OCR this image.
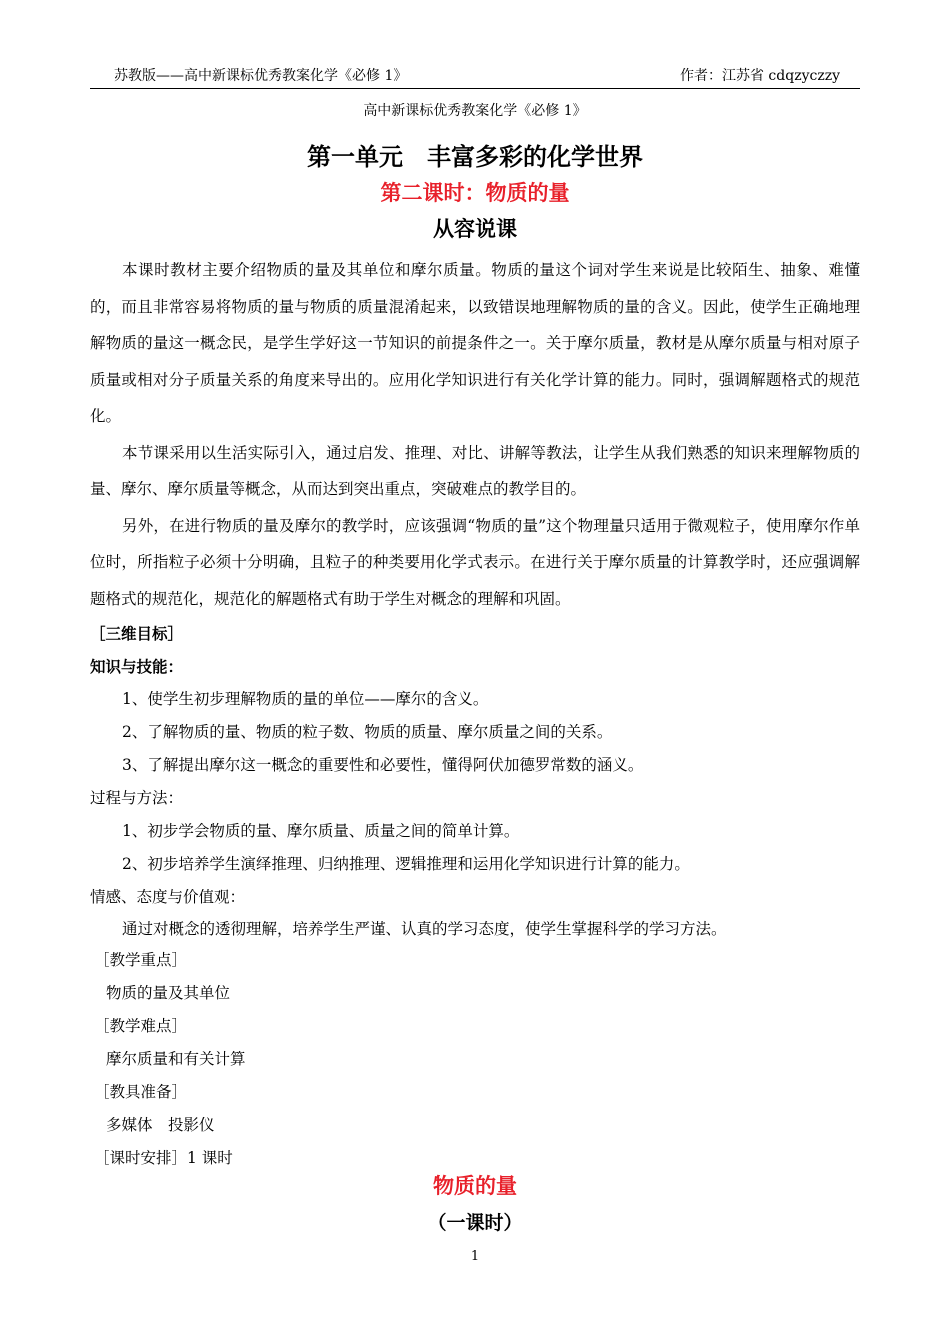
苏教版——高中新课标优秀教案化学《必修 1》	作者：江苏省 cdqzyczzy
高中新课标优秀教案化学《必修 1》
第一单元　丰富多彩的化学世界
第二课时：物质的量
从容说课

本课时教材主要介绍物质的量及其单位和摩尔质量。物质的量这个词对学生来说是比较陌生、抽象、难懂的，而且非常容易将物质的量与物质的质量混淆起来，以致错误地理解物质的量的含义。因此，使学生正确地理解物质的量这一概念民，是学生学好这一节知识的前提条件之一。关于摩尔质量，教材是从摩尔质量与相对原子质量或相对分子质量关系的角度来导出的。应用化学知识进行有关化学计算的能力。同时，强调解题格式的规范化。

本节课采用以生活实际引入，通过启发、推理、对比、讲解等教法，让学生从我们熟悉的知识来理解物质的量、摩尔、摩尔质量等概念，从而达到突出重点，突破难点的教学目的。

另外，在进行物质的量及摩尔的教学时，应该强调“物质的量”这个物理量只适用于微观粒子，使用摩尔作单位时，所指粒子必须十分明确，且粒子的种类要用化学式表示。在进行关于摩尔质量的计算教学时，还应强调解题格式的规范化，规范化的解题格式有助于学生对概念的理解和巩固。

［三维目标］

知识与技能：

1、使学生初步理解物质的量的单位——摩尔的含义。

2、了解物质的量、物质的粒子数、物质的质量、摩尔质量之间的关系。

3、了解提出摩尔这一概念的重要性和必要性，懂得阿伏加德罗常数的涵义。

过程与方法：

1、初步学会物质的量、摩尔质量、质量之间的简单计算。

2、初步培养学生演绎推理、归纳推理、逻辑推理和运用化学知识进行计算的能力。

情感、态度与价值观：

通过对概念的透彻理解，培养学生严谨、认真的学习态度，使学生掌握科学的学习方法。

［教学重点］

物质的量及其单位

［教学难点］

摩尔质量和有关计算

［教具准备］

多媒体　投影仪

［课时安排］1 课时

物质的量
（一课时）
1
